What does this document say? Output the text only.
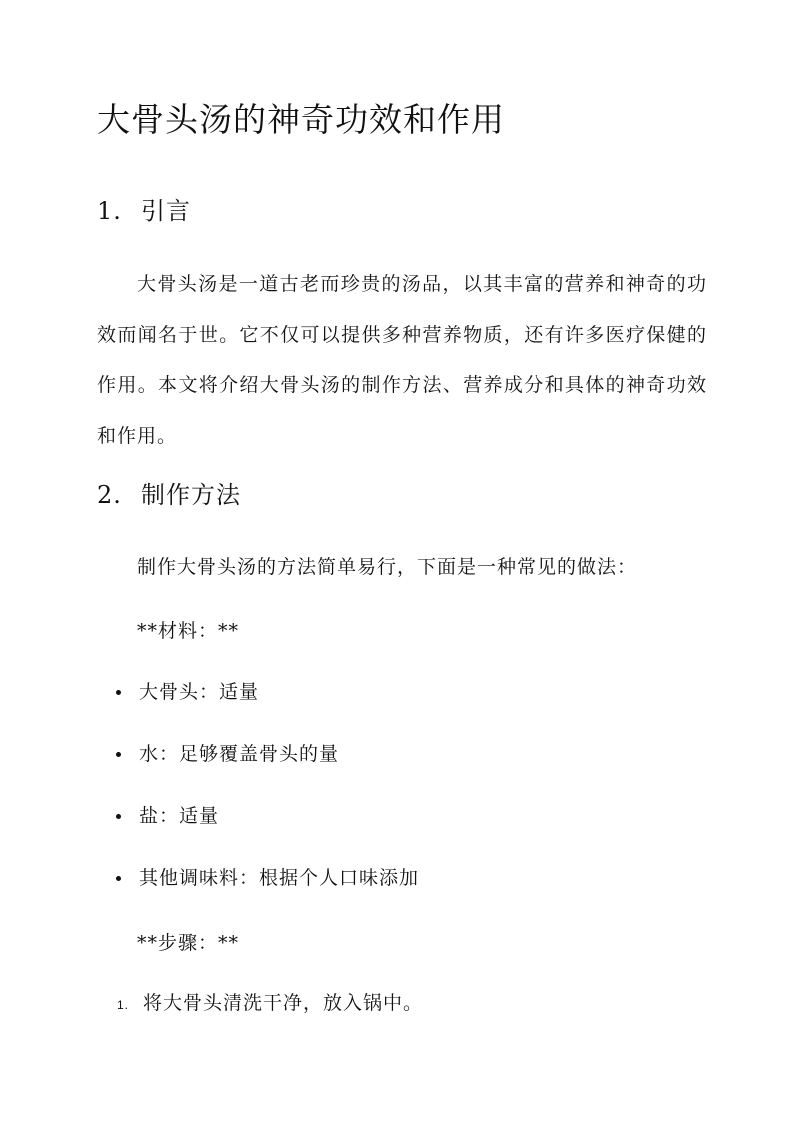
大骨头汤的神奇功效和作用
1. 引言
大骨头汤是一道古老而珍贵的汤品，以其丰富的营养和神奇的功效而闻名于世。它不仅可以提供多种营养物质，还有许多医疗保健的作用。本文将介绍大骨头汤的制作方法、营养成分和具体的神奇功效和作用。
2. 制作方法
制作大骨头汤的方法简单易行，下面是一种常见的做法：
**材料：**
大骨头：适量
水：足够覆盖骨头的量
盐：适量
其他调味料：根据个人口味添加
**步骤：**
1. 将大骨头清洗干净，放入锅中。
